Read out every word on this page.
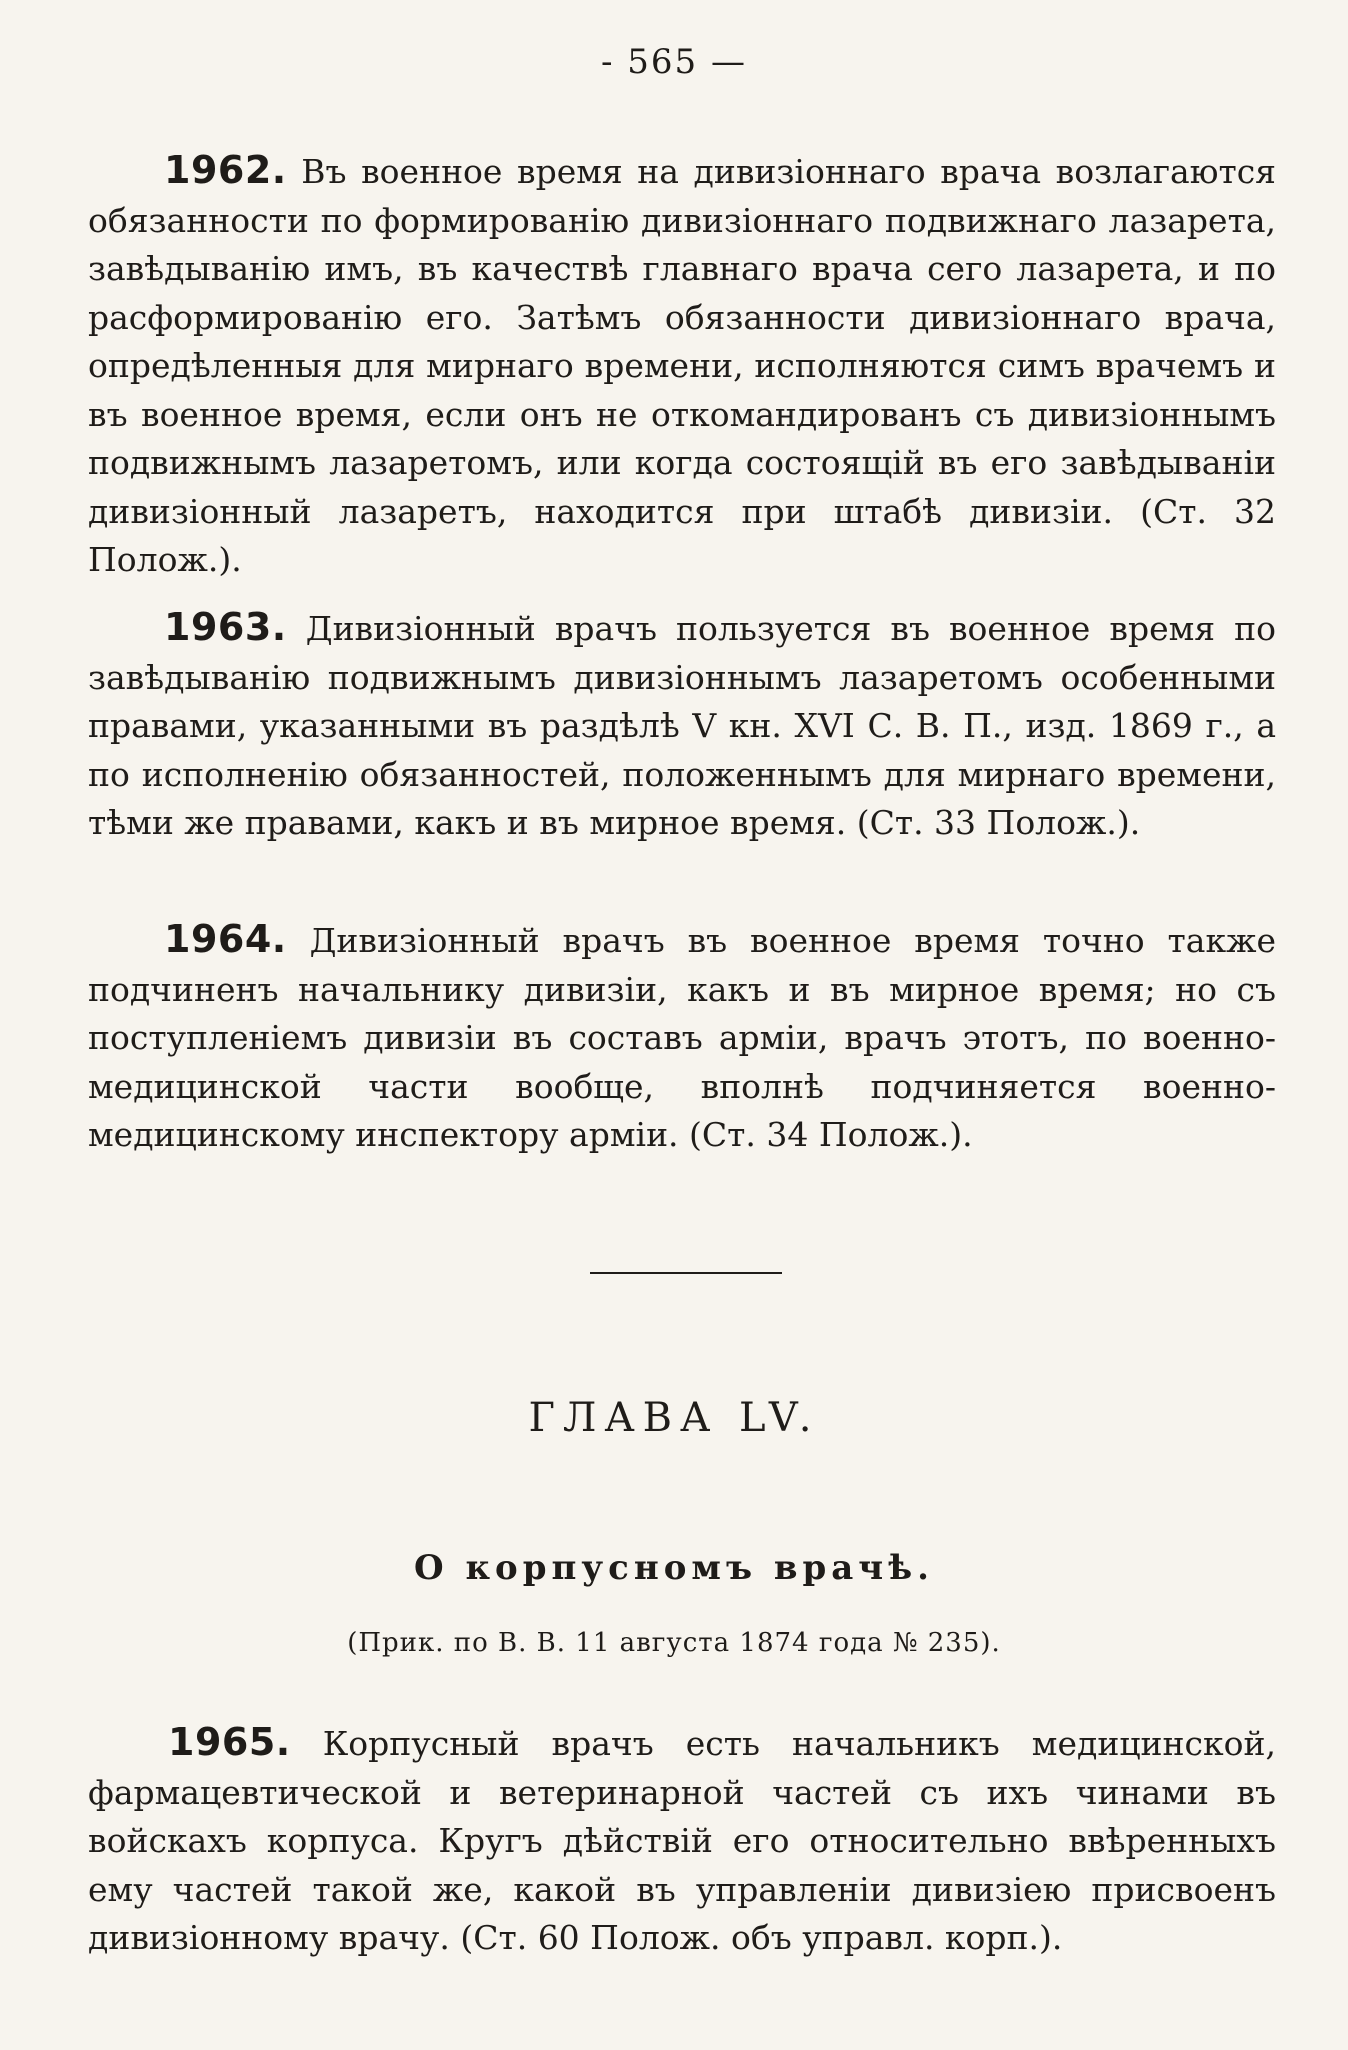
- 565 —

1962. Въ военное время на дивизiоннаго врача возлагаются обязанности по формированiю дивизiоннаго подвижнаго лазарета, завѣдыванiю имъ, въ качествѣ главнаго врача сего лазарета, и по расформированiю его. Затѣмъ обязанности дивизiоннаго врача, опредѣленныя для мирнаго времени, исполняются симъ врачемъ и въ военное время, если онъ не откомандированъ съ дивизiоннымъ подвижнымъ лазаретомъ, или когда состоящiй въ его завѣдываніи дивизiонный лазаретъ, находится при штабѣ дивизiи. (Ст. 32 Полож.).

1963. Дивизiонный врачъ пользуется въ военное время по завѣдыванiю подвижнымъ дивизiоннымъ лазаретомъ особенными правами, указанными въ раздѣлѣ V кн. XVI С. В. П., изд. 1869 г., а по исполненiю обязанностей, положеннымъ для мирнаго времени, тѣми же правами, какъ и въ мирное время. (Ст. 33 Полож.).

1964. Дивизiонный врачъ въ военное время точно также подчиненъ начальнику дивизiи, какъ и въ мирное время; но съ поступленiемъ дивизiи въ составъ армiи, врачъ этотъ, по военно-медицинской части вообще, вполнѣ подчиняется военно-медицинскому инспектору армiи. (Ст. 34 Полож.).

ГЛАВА LV.
О корпусномъ врачѣ.
(Прик. по В. В. 11 августа 1874 года № 235).

1965. Корпусный врачъ есть начальникъ медицинской, фармацевтической и ветеринарной частей съ ихъ чинами въ войскахъ корпуса. Кругъ дѣйствiй его относительно ввѣренныхъ ему частей такой же, какой въ управленiи дивизiею присвоенъ дивизiонному врачу. (Ст. 60 Полож. объ управл. корп.).
